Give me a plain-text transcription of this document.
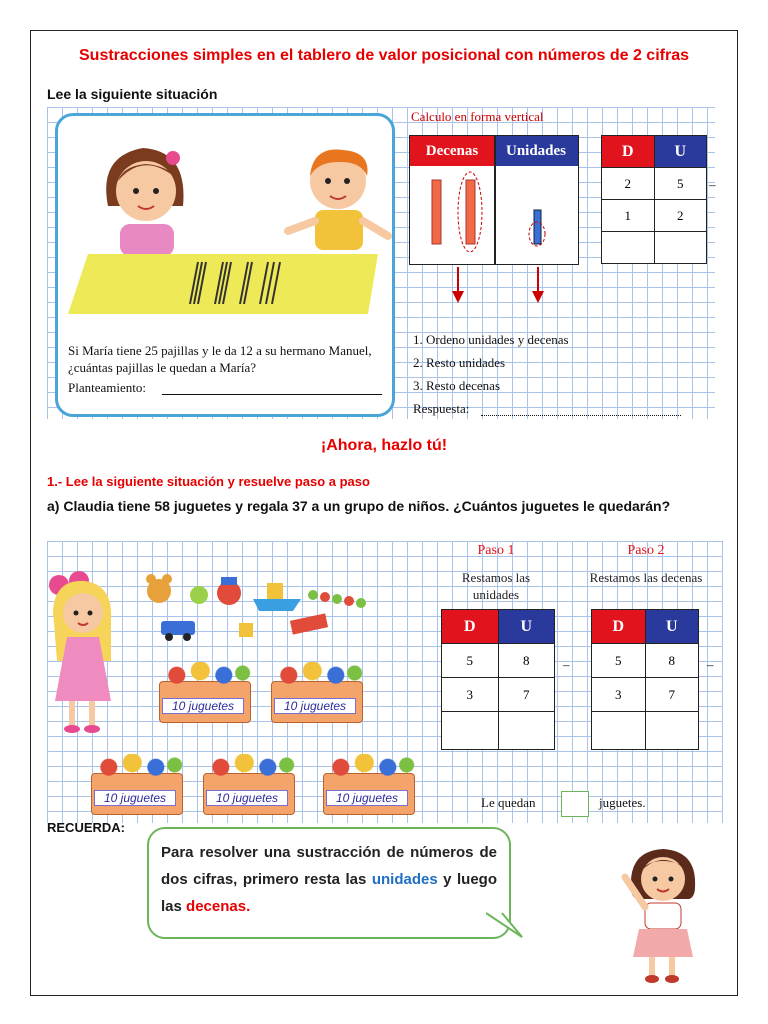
Sustracciones simples en el tablero de valor posicional con números de 2 cifras
Lee la siguiente situación
Si María tiene 25 pajillas y le da 12 a su hermano Manuel, ¿cuántas pajillas le quedan a María?
Planteamiento:
Calculo en forma vertical
Decenas	Unidades	D	U
2	5
1	2

–
1. Ordeno unidades y decenas
2. Resto unidades
3. Resto decenas
Respuesta:
¡Ahora, hazlo tú!
1.- Lee la siguiente situación y resuelve paso a paso
a) Claudia tiene 58 juguetes y regala 37 a un grupo de niños. ¿Cuántos juguetes le quedarán?
10 juguetes	10 juguetes
10 juguetes	10 juguetes	10 juguetes
Paso 1
Restamos las unidades
D	U
5	8
3	7

–
Paso 2
Restamos las decenas
D	U
5	8
3	7

–
Le quedan	juguetes.
RECUERDA:
Para resolver una sustracción de números de dos cifras, primero resta las unidades y luego las decenas.
